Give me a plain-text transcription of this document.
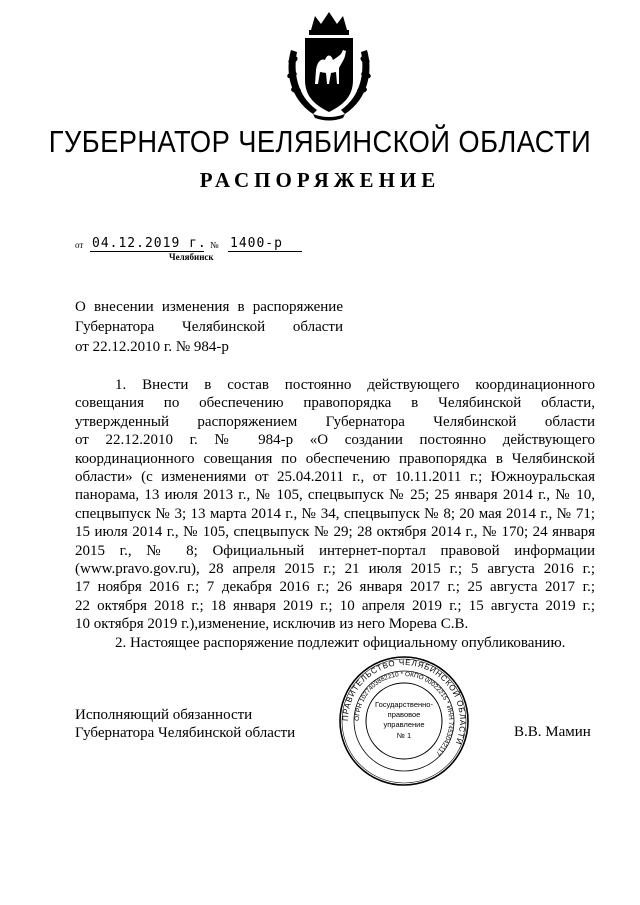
ГУБЕРНАТОР ЧЕЛЯБИНСКОЙ ОБЛАСТИ
РАСПОРЯЖЕНИЕ
от 04.12.2019 г. № 1400-р
Челябинск
О внесении изменения в распоряжение
Губернатора Челябинской области
от 22.12.2010 г. № 984-р
1. Внести в состав постоянно действующего координационного
совещания по обеспечению правопорядка в Челябинской области,
утвержденный распоряжением Губернатора Челябинской области
от 22.12.2010 г. № 984-р «О создании постоянно действующего
координационного совещания по обеспечению правопорядка в Челябинской
области» (с изменениями от 25.04.2011 г., от 10.11.2011 г.; Южноуральская
панорама, 13 июля 2013 г., № 105, спецвыпуск № 25; 25 января 2014 г., № 10,
спецвыпуск № 3; 13 марта 2014 г., № 34, спецвыпуск № 8; 20 мая 2014 г., № 71;
15 июля 2014 г., № 105, спецвыпуск № 29; 28 октября 2014 г., № 170; 24 января
2015 г., № 8; Официальный интернет-портал правовой информации
(www.pravo.gov.ru), 28 апреля 2015 г.; 21 июля 2015 г.; 5 августа 2016 г.;
17 ноября 2016 г.; 7 декабря 2016 г.; 26 января 2017 г.; 25 августа 2017 г.;
22 октября 2018 г.; 18 января 2019 г.; 10 апреля 2019 г.; 15 августа 2019 г.;
10 октября 2019 г.),изменение, исключив из него Морева С.В.
2. Настоящее распоряжение подлежит официальному опубликованию.
Исполняющий обязанности
Губернатора Челябинской области	В.В. Мамин
ПРАВИТЕЛЬСТВО ЧЕЛЯБИНСКОЙ ОБЛАСТИ
ОГРН 1027403882210 * ОКПО 00022215 * ИНН 7453042117
Государственно-
правовое
управление
№ 1
